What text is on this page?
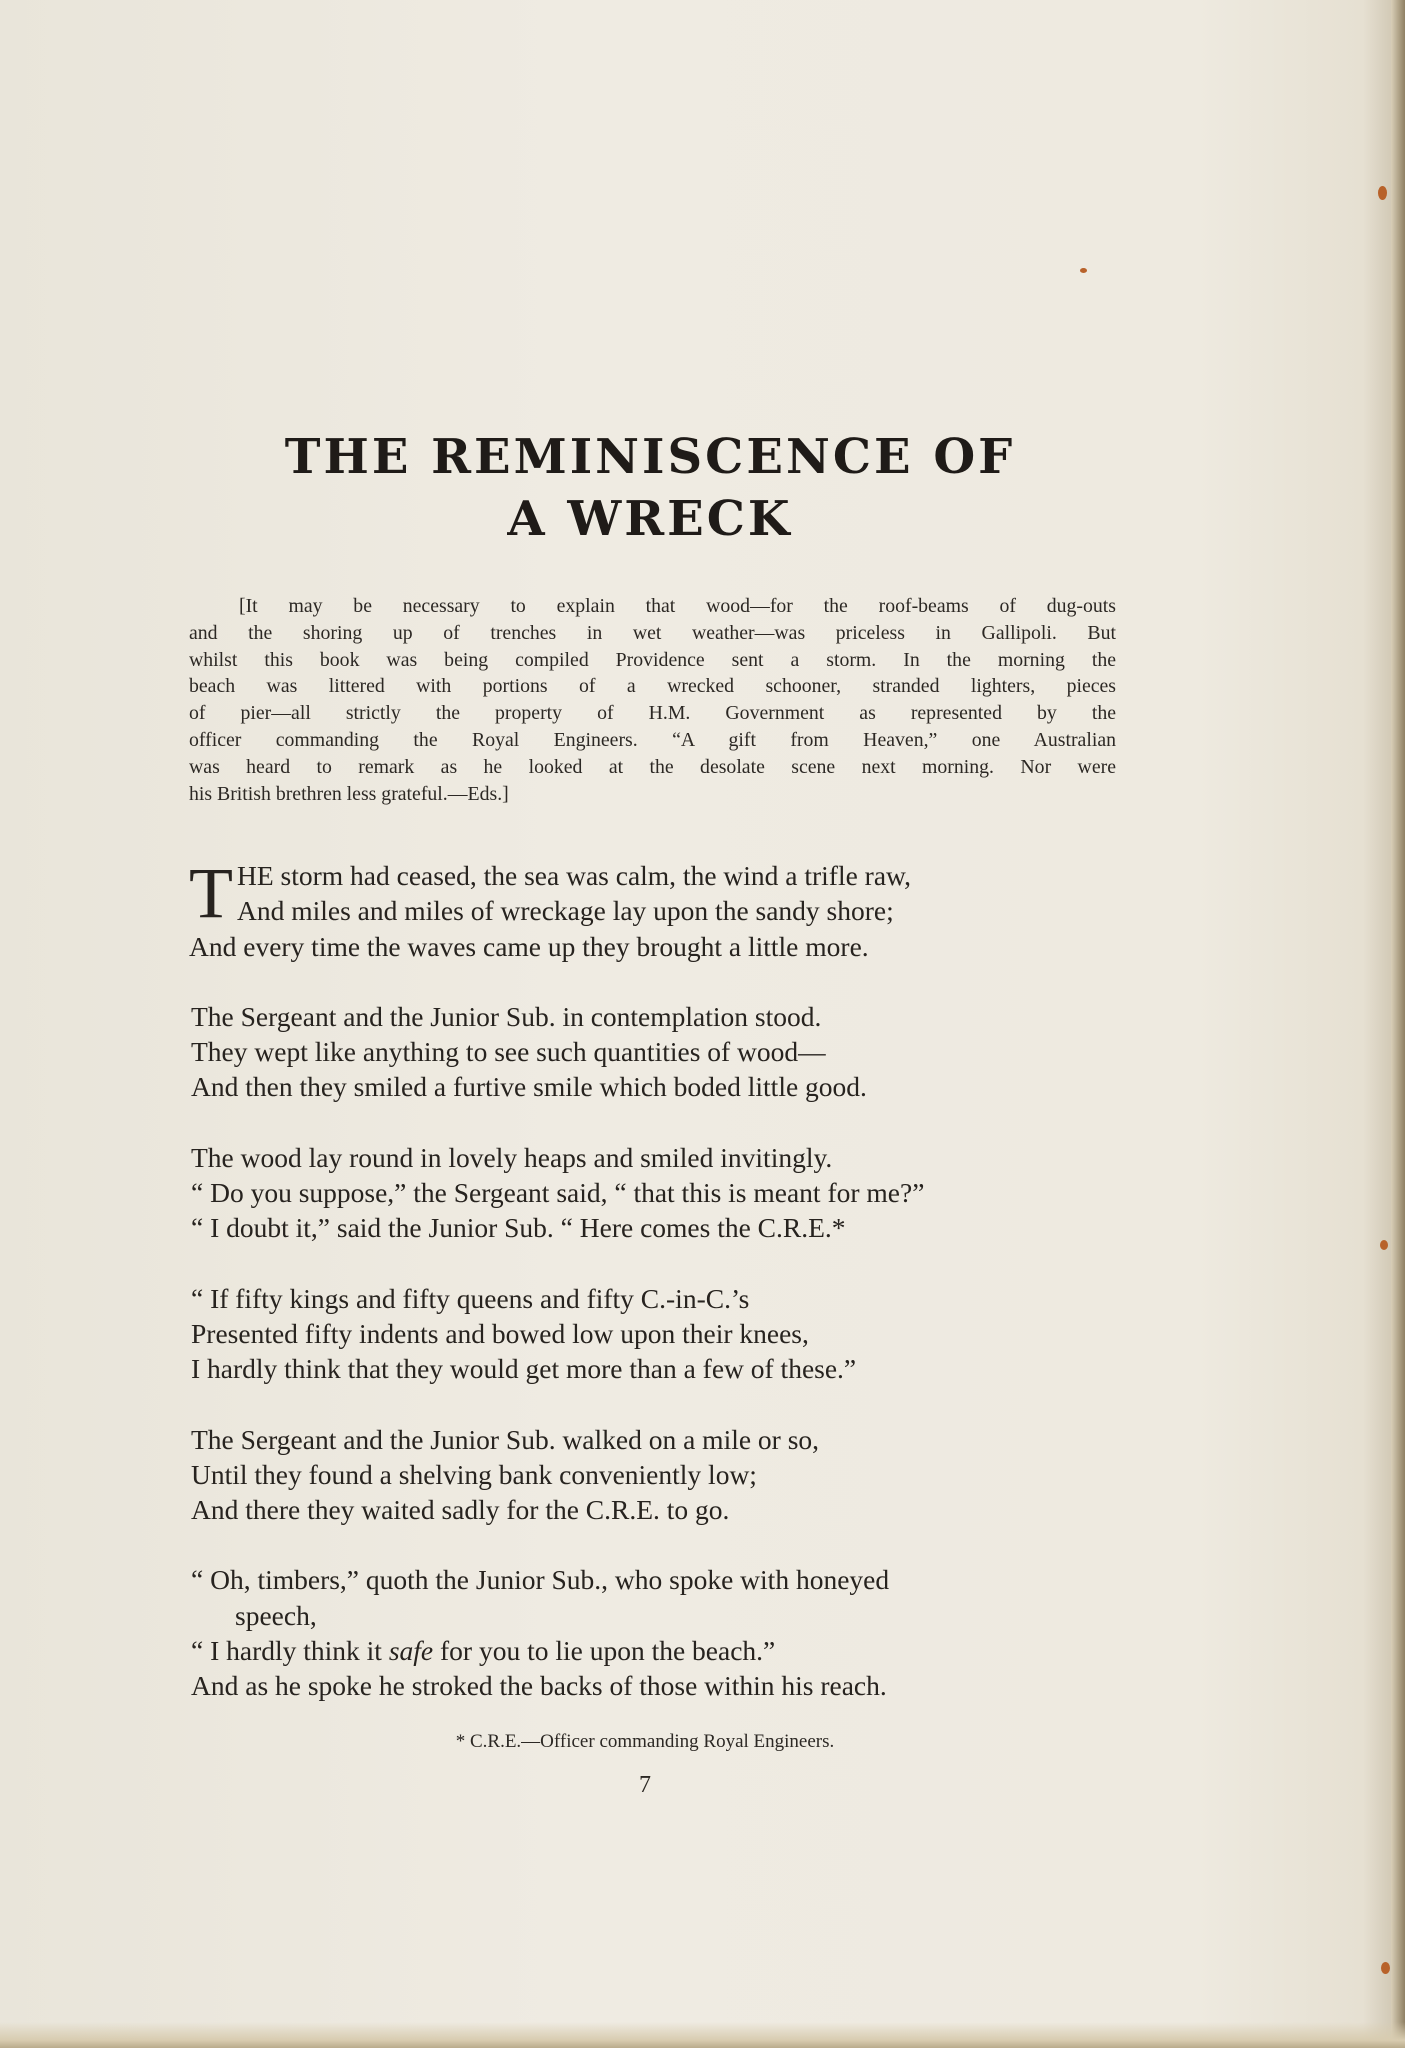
THE REMINISCENCE OF
A WRECK
[It may be necessary to explain that wood—for the roof-beams of dug-outs
and the shoring up of trenches in wet weather—was priceless in Gallipoli. But
whilst this book was being compiled Providence sent a storm. In the morning the
beach was littered with portions of a wrecked schooner, stranded lighters, pieces
of pier—all strictly the property of H.M. Government as represented by the
officer commanding the Royal Engineers. “A gift from Heaven,” one Australian
was heard to remark as he looked at the desolate scene next morning. Nor were
his British brethren less grateful.—Eds.]
T HE storm had ceased, the sea was calm, the wind a trifle raw,
And miles and miles of wreckage lay upon the sandy shore;
And every time the waves came up they brought a little more.
The Sergeant and the Junior Sub. in contemplation stood.
They wept like anything to see such quantities of wood—
And then they smiled a furtive smile which boded little good.
The wood lay round in lovely heaps and smiled invitingly.
“ Do you suppose,” the Sergeant said, “ that this is meant for me?”
“ I doubt it,” said the Junior Sub. “ Here comes the C.R.E.*
“ If fifty kings and fifty queens and fifty C.-in-C.’s
Presented fifty indents and bowed low upon their knees,
I hardly think that they would get more than a few of these.”
The Sergeant and the Junior Sub. walked on a mile or so,
Until they found a shelving bank conveniently low;
And there they waited sadly for the C.R.E. to go.
“ Oh, timbers,” quoth the Junior Sub., who spoke with honeyed
speech,
“ I hardly think it safe for you to lie upon the beach.”
And as he spoke he stroked the backs of those within his reach.
* C.R.E.—Officer commanding Royal Engineers.
7
